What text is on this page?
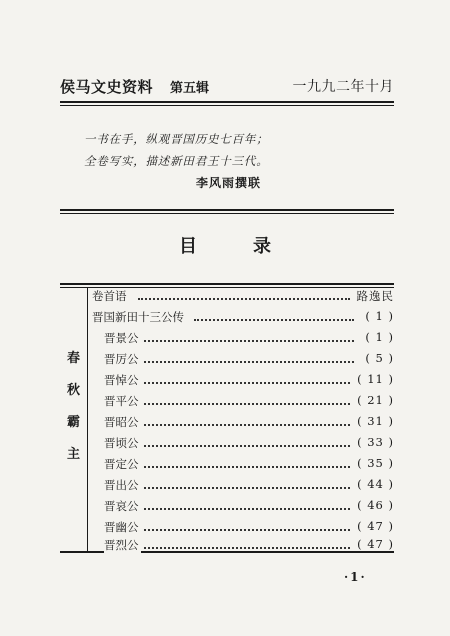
侯马文史资料 第五辑	一九九二年十月
一书在手，纵观晋国历史七百年；
全卷写实，描述新田君王十三代。
李风雨撰联
目	录
春
秋
霸
主
卷首语	路逸民
晋国新田十三公传	( 1 )
晋景公	( 1 )
晋厉公	( 5 )
晋悼公	( 11 )
晋平公	( 21 )
晋昭公	( 31 )
晋顷公	( 33 )
晋定公	( 35 )
晋出公	( 44 )
晋哀公	( 46 )
晋幽公	( 47 )
晋烈公	( 47 )
·1·
